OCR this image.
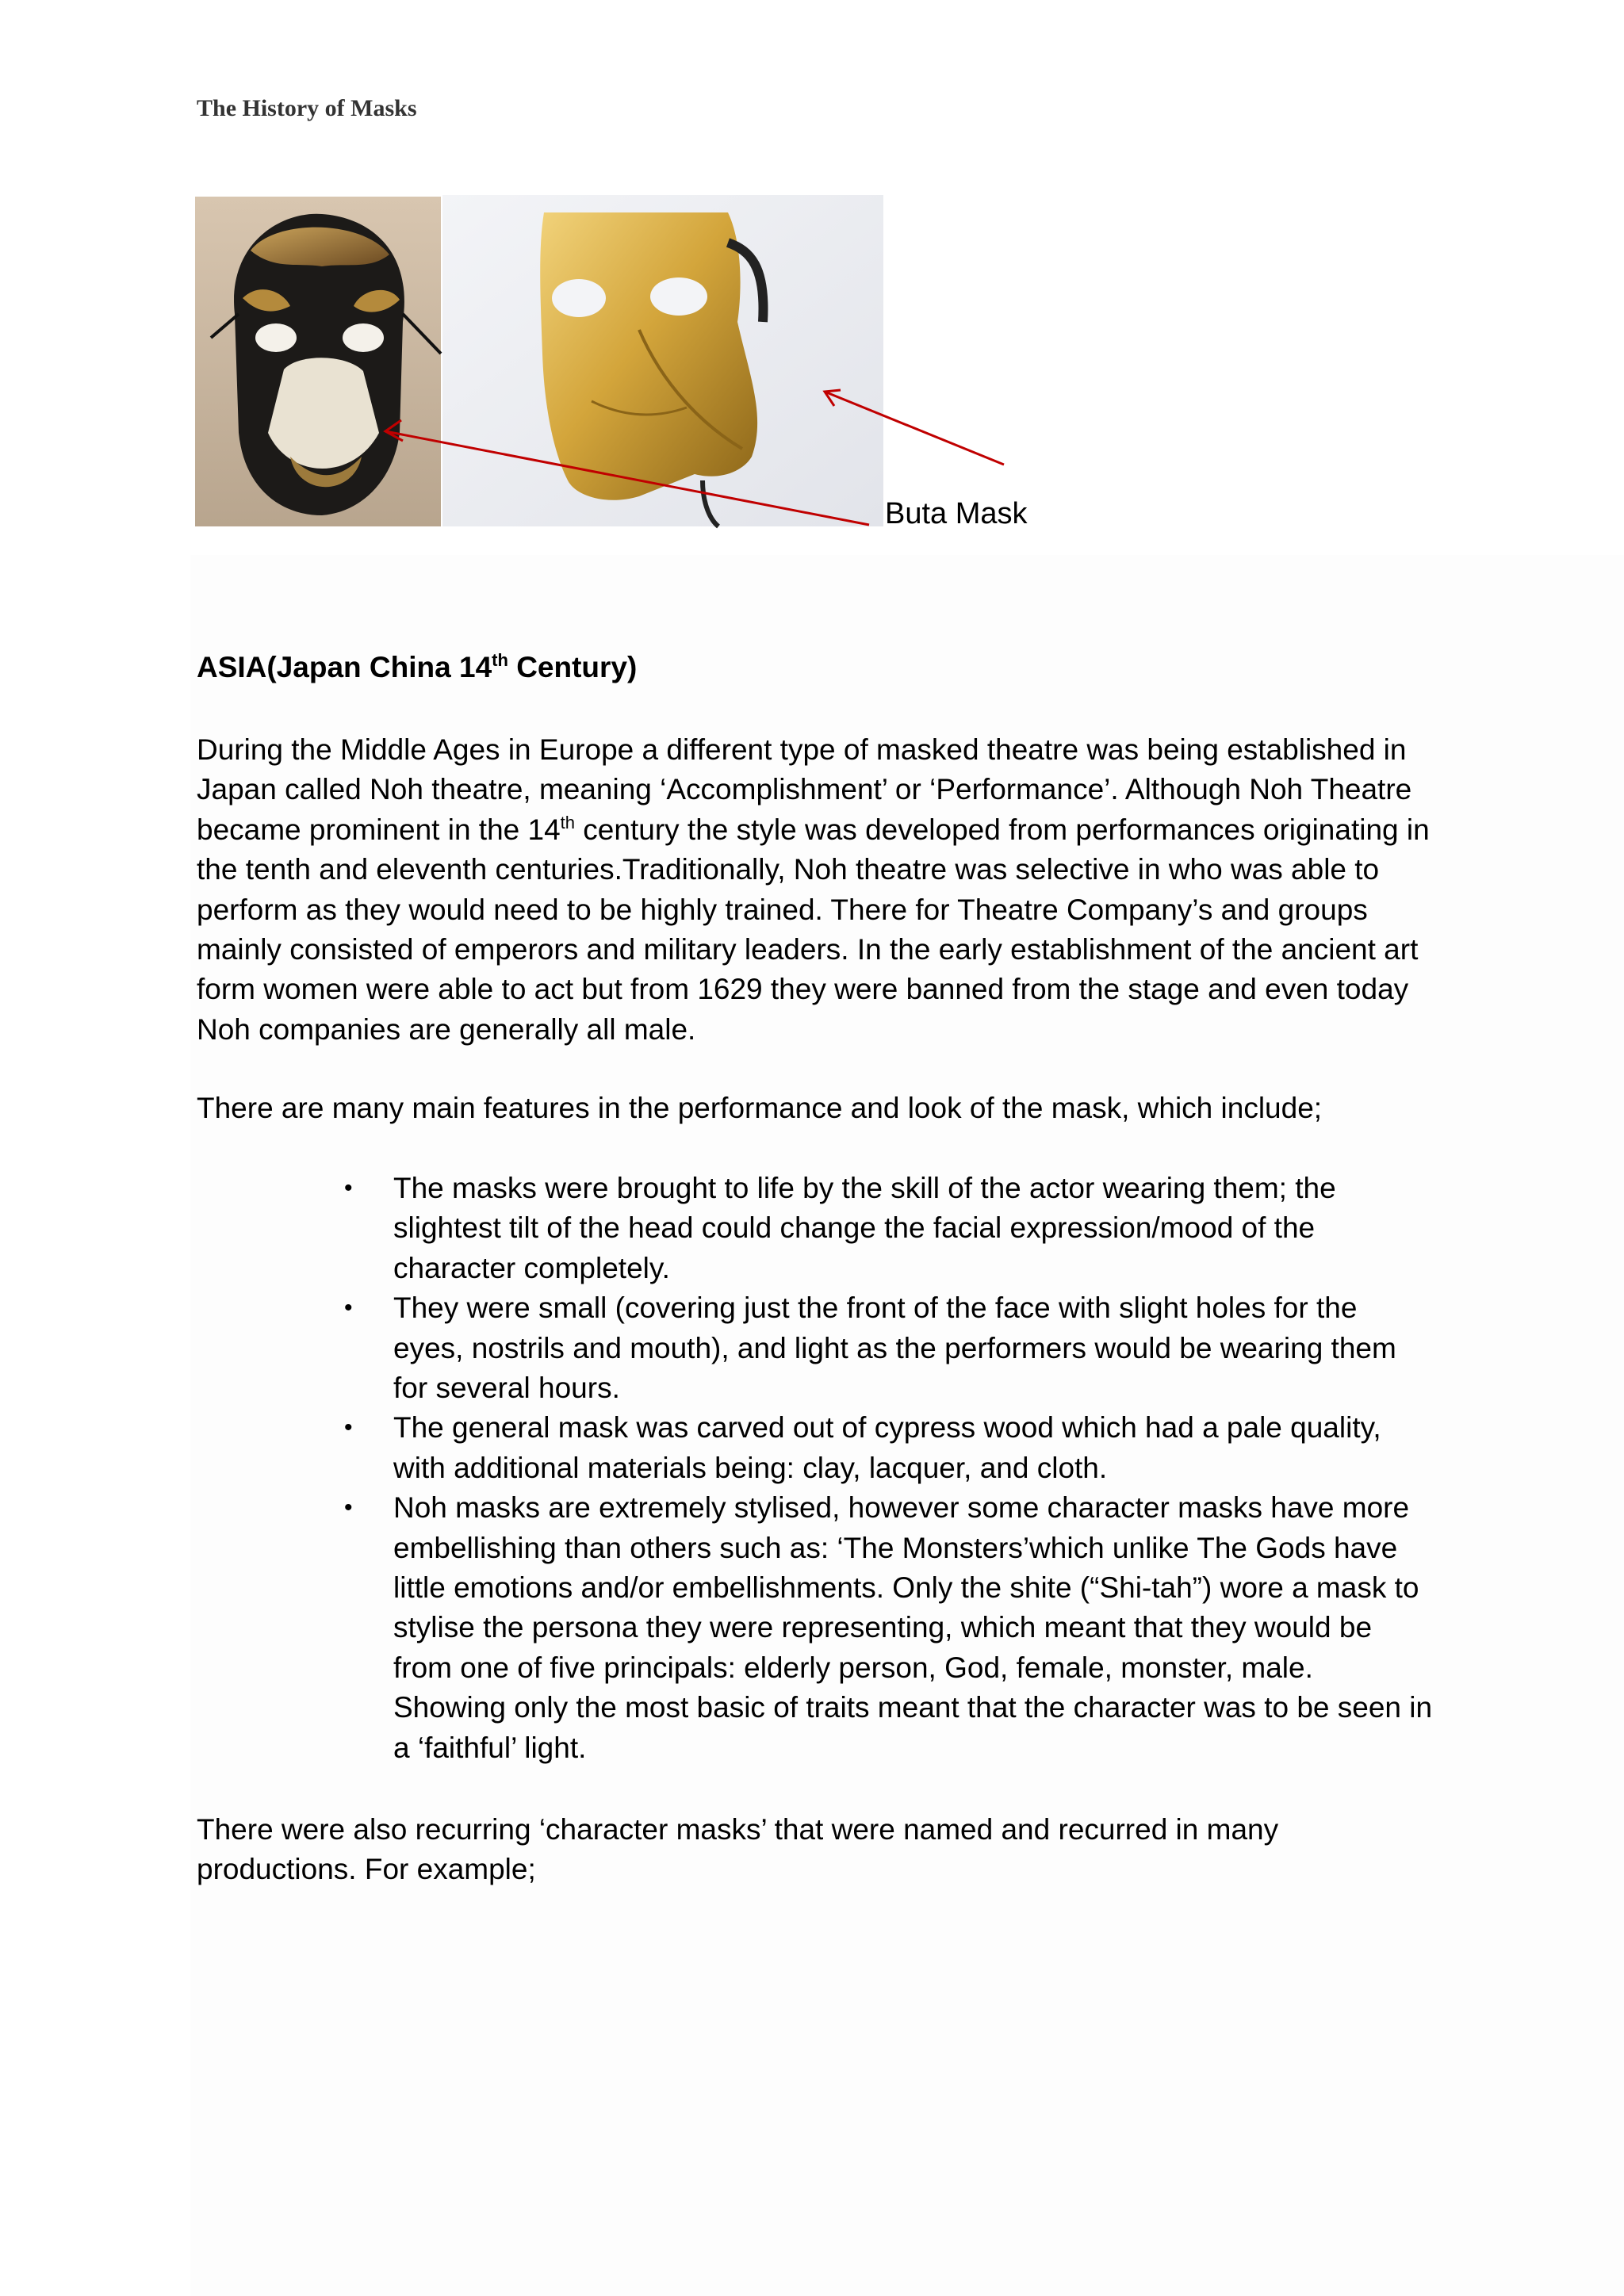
The History of Masks
Buta Mask
ASIA(Japan China 14th Century)

During the Middle Ages in Europe a different type of masked theatre was being established in Japan called Noh theatre, meaning ‘Accomplishment’ or ‘Performance’. Although Noh Theatre became prominent in the 14th century the style was developed from performances originating in the tenth and eleventh centuries.Traditionally, Noh theatre was selective in who was able to perform as they would need to be highly trained. There for Theatre Company’s and groups mainly consisted of emperors and military leaders. In the early establishment of the ancient art form women were able to act but from 1629 they were banned from the stage and even today Noh companies are generally all male.

There are many main features in the performance and look of the mask, which include;

• The masks were brought to life by the skill of the actor wearing them; the slightest tilt of the head could change the facial expression/mood of the character completely.
• They were small (covering just the front of the face with slight holes for the eyes, nostrils and mouth), and light as the performers would be wearing them for several hours.
• The general mask was carved out of cypress wood which had a pale quality, with additional materials being: clay, lacquer, and cloth.
• Noh masks are extremely stylised, however some character masks have more embellishing than others such as: ‘The Monsters’which unlike The Gods have little emotions and/or embellishments. Only the shite (“Shi-tah”) wore a mask to stylise the persona they were representing, which meant that they would be from one of five principals: elderly person, God, female, monster, male. Showing only the most basic of traits meant that the character was to be seen in a ‘faithful’ light.

There were also recurring ‘character masks’ that were named and recurred in many productions. For example;
